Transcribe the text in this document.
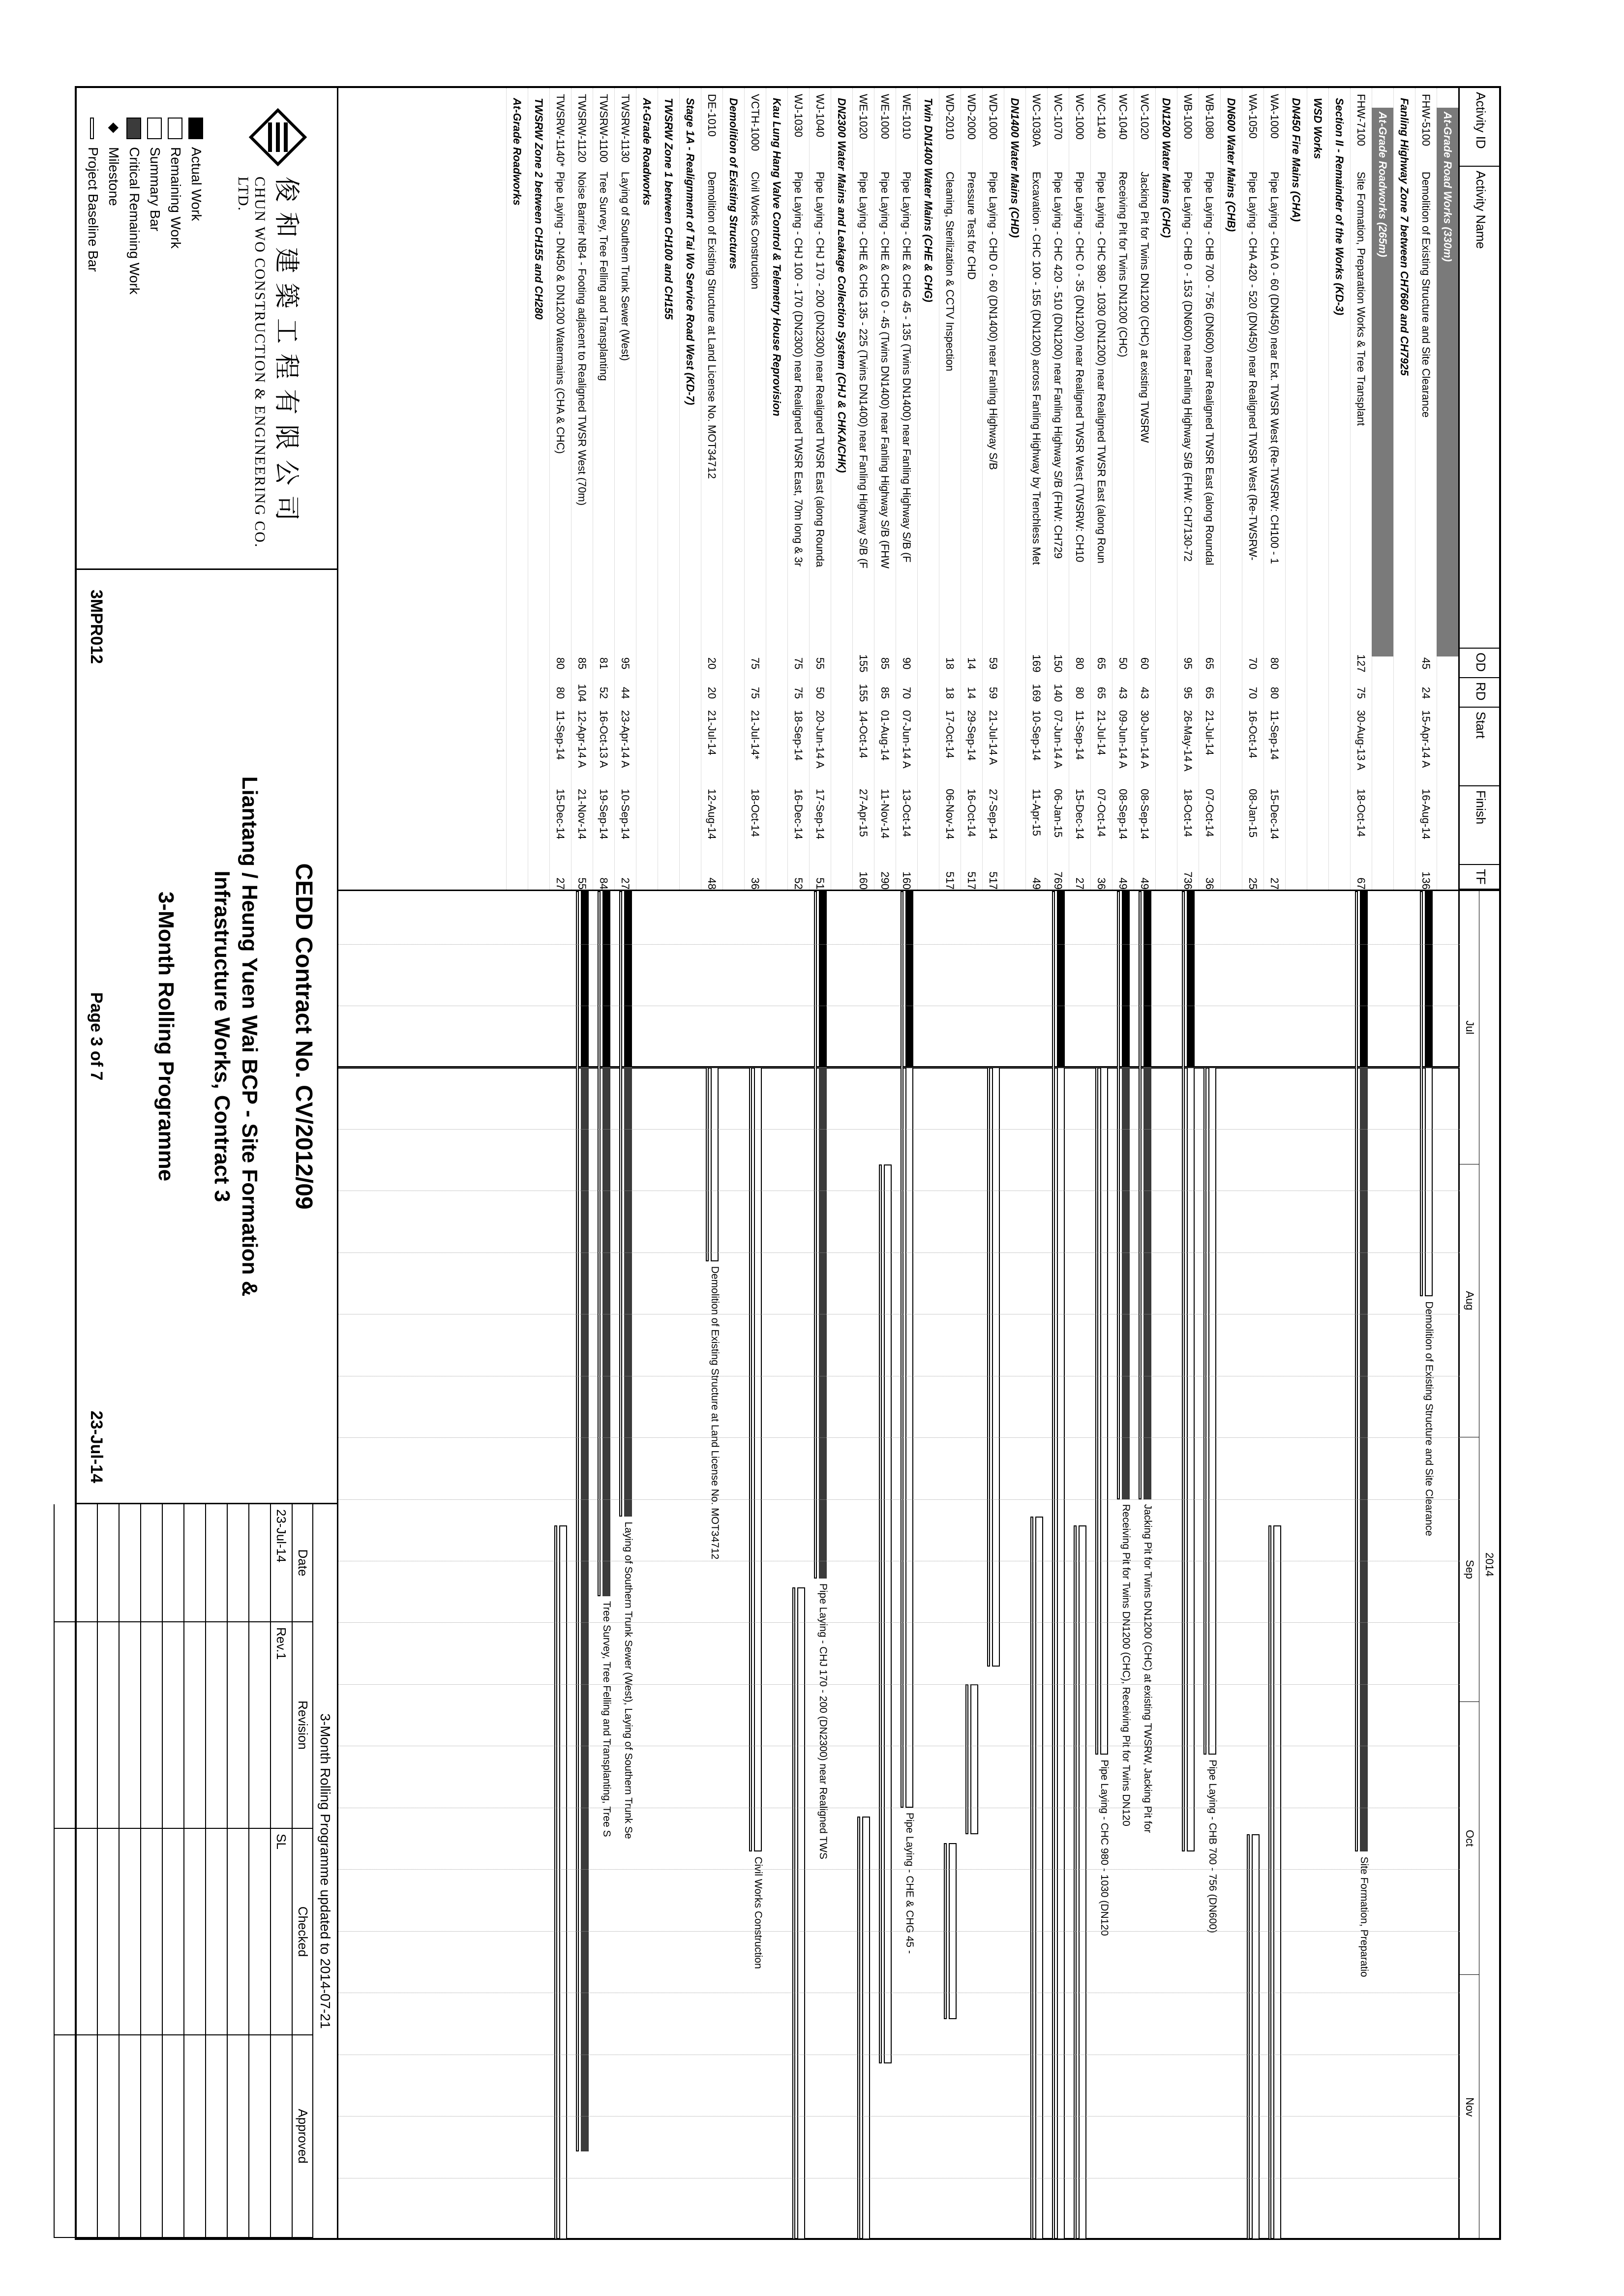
Activity ID
Activity Name
OD
RD
Start
Finish
TF
At-Grade Road Works (330m)
FHW-5100
Demolition of Existing Structure and Site Clearance
45
24
15-Apr-14 A
16-Aug-14
136
Fanling Highway Zone 7 between CH7660 and CH7925
At-Grade Roadworks (265m)
FHW-7100
Site Formation, Preparation Works & Tree Transplant
127
75
30-Aug-13 A
18-Oct-14
67
Section II - Remainder of the Works (KD-3)
WSD Works
DN450 Fire Mains (CHA)
WA-1000
Pipe Laying - CHA 0 - 60 (DN450) near Ext. TWSR West (Re-TWSRW: CH100 - 1
80
80
11-Sep-14
15-Dec-14
27
WA-1050
Pipe Laying - CHA 420 - 520 (DN450) near Realigned TWSR West (Re-TWSRW-
70
70
16-Oct-14
08-Jan-15
25
DN600 Water Mains (CHB)
WB-1080
Pipe Laying - CHB 700 - 756 (DN600) near Realigned TWSR East (along Roundal
65
65
21-Jul-14
07-Oct-14
36
WB-1000
Pipe Laying - CHB 0 - 153 (DN600) near Fanling Highway S/B (FHW: CH7130-72
95
95
26-May-14 A
18-Oct-14
736
DN1200 Water Mains (CHC)
WC-1020
Jacking Pit for Twins DN1200 (CHC) at existing TWSRW
60
43
30-Jun-14 A
08-Sep-14
49
WC-1040
Receiving Pit for Twins DN1200 (CHC)
50
43
09-Jun-14 A
08-Sep-14
49
WC-1140
Pipe Laying - CHC 980 - 1030 (DN1200) near Realigned TWSR East (along Roun
65
65
21-Jul-14
07-Oct-14
36
WC-1000
Pipe Laying - CHC 0 - 35 (DN1200) near Realigned TWSR West (TWSRW: CH10
80
80
11-Sep-14
15-Dec-14
27
WC-1070
Pipe Laying - CHC 420 - 510 (DN1200) near Fanling Highway S/B (FHW: CH729
150
140
07-Jun-14 A
06-Jan-15
769
WC-1030A
Excavation - CHC 100 - 155 (DN1200) across Fanling Highway by Trenchless Met
169
169
10-Sep-14
11-Apr-15
49
DN1400 Water Mains (CHD)
WD-1000
Pipe Laying - CHD 0 - 60 (DN1400) near Fanling Highway S/B
59
59
21-Jul-14 A
27-Sep-14
517
WD-2000
Pressure Test for CHD
14
14
29-Sep-14
16-Oct-14
517
WD-2010
Cleaning, Sterilization & CCTV Inspection
18
18
17-Oct-14
06-Nov-14
517
Twin DN1400 Water Mains (CHE & CHG)
WE-1010
Pipe Laying - CHE & CHG 45 - 135 (Twins DN1400) near Fanling Highway S/B (F
90
70
07-Jun-14 A
13-Oct-14
160
WE-1000
Pipe Laying - CHE & CHG 0 - 45 (Twins DN1400) near Fanling Highway S/B (FHW
85
85
01-Aug-14
11-Nov-14
290
WE-1020
Pipe Laying - CHE & CHG 135 - 225 (Twins DN1400) near Fanling Highway S/B (F
155
155
14-Oct-14
27-Apr-15
160
DN2300 Water Mains and Leakage Collection System (CHJ & CHKA/CHK)
WJ-1040
Pipe Laying - CHJ 170 - 200 (DN2300) near Realigned TWSR East (along Rounda
55
50
20-Jun-14 A
17-Sep-14
51
WJ-1030
Pipe Laying - CHJ 100 - 170 (DN2300) near Realigned TWSR East, 70m long & 3r
75
75
18-Sep-14
16-Dec-14
52
Kau Lung Hang Valve Control & Telemetry House Reprovision
VCTH-1000
Civil Works Construction
75
75
21-Jul-14*
18-Oct-14
36
Demolition of Existing Structures
DE-1010
Demolition of Existing Structure at Land License No. MOT34712
20
20
21-Jul-14
12-Aug-14
48
Stage 1A - Realignment of Tai Wo Service Road West (KD-7)
TWSRW Zone 1 between CH100 and CH155
At-Grade Roadworks
TWSRW-1130
Laying of Southern Trunk Sewer (West)
95
44
23-Apr-14 A
10-Sep-14
27
TWSRW-1100
Tree Survey, Tree Felling and Transplanting
81
52
16-Oct-13 A
19-Sep-14
84
TWSRW-1120
Noise Barrier NB4 - Footing adjacent to Realigned TWSR West (70m)
85
104
12-Apr-14 A
21-Nov-14
55
TWSRW-1140*
Pipe Laying - DN450 & DN1200 Watermains (CHA & CHC)
80
80
11-Sep-14
15-Dec-14
27
TWSRW Zone 2 between CH155 and CH280
At-Grade Roadworks
2014
Jul
Aug
Sep
Oct
Nov
Demolition of Existing Structure and Site Clearance
Site Formation, Preparatio
Pipe Laying - CHB 700 - 756 (DN600)
Jacking Pit for Twins DN1200 (CHC) at existing TWSRW, Jacking Pit for
Receiving Pit for Twins DN1200 (CHC), Receiving Pit for Twins DN120
Pipe Laying - CHC 980 - 1030 (DN120
Pipe Laying - CHE & CHG 45 -
Pipe Laying - CHJ 170 - 200 (DN2300) near Realigned TWS
Civil Works Construction
Demolition of Existing Structure at Land License No. MOT34712
Laying of Southern Trunk Sewer (West), Laying of Southern Trunk Se
Tree Survey, Tree Felling and Transplanting, Tree S
俊和建築工程有限公司
CHUN WO CONSTRUCTION & ENGINEERING CO. LTD.
Actual Work
Remaining Work
Summary Bar
Critical Remaining Work
◆
Milestone
Project Baseline Bar
CEDD Contract No. CV/2012/09
Liantang / Heung Yuen Wai BCP - Site Formation &
Infrastructure Works, Contract 3
3-Month Rolling Programme
3MPR012
Page 3 of 7
23-Jul-14
3-Month Rolling Programme updated to 2014-07-21
Date
Revision
Checked
Approved
23-Jul-14
Rev.1
SL
